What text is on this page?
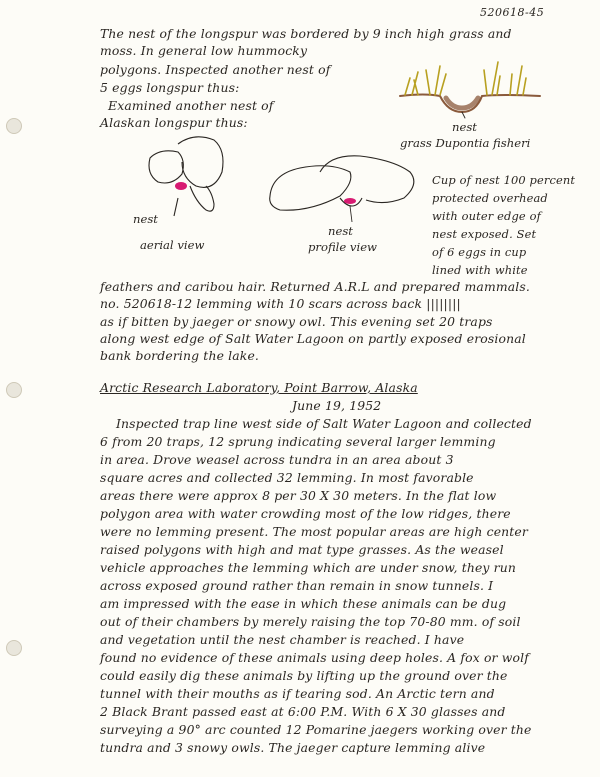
520618-45
The nest of the longspur was bordered by 9 inch high grass and
moss. In general low hummocky
polygons. Inspected another nest of
5 eggs longspur thus:
Examined another nest of
Alaskan longspur thus:	nest
grass Dupontia fisheri
nest
aerial view
nest
profile view
Cup of nest 100 percent
protected overhead
with outer edge of
nest exposed. Set
of 6 eggs in cup
lined with white
feathers and caribou hair. Returned A.R.L and prepared mammals.
no. 520618-12 lemming with 10 scars across back ||||||||
as if bitten by jaeger or snowy owl. This evening set 20 traps
along west edge of Salt Water Lagoon on partly exposed erosional
bank bordering the lake.
Arctic Research Laboratory, Point Barrow, Alaska
June 19, 1952
Inspected trap line west side of Salt Water Lagoon and collected
6 from 20 traps, 12 sprung indicating several larger lemming
in area. Drove weasel across tundra in an area about 3
square acres and collected 32 lemming. In most favorable
areas there were approx 8 per 30 X 30 meters. In the flat low
polygon area with water crowding most of the low ridges, there
were no lemming present. The most popular areas are high center
raised polygons with high and mat type grasses. As the weasel
vehicle approaches the lemming which are under snow, they run
across exposed ground rather than remain in snow tunnels. I
am impressed with the ease in which these animals can be dug
out of their chambers by merely raising the top 70-80 mm. of soil
and vegetation until the nest chamber is reached. I have
found no evidence of these animals using deep holes. A fox or wolf
could easily dig these animals by lifting up the ground over the
tunnel with their mouths as if tearing sod. An Arctic tern and
2 Black Brant passed east at 6:00 P.M. With 6 X 30 glasses and
surveying a 90° arc counted 12 Pomarine jaegers working over the
tundra and 3 snowy owls. The jaeger capture lemming alive
